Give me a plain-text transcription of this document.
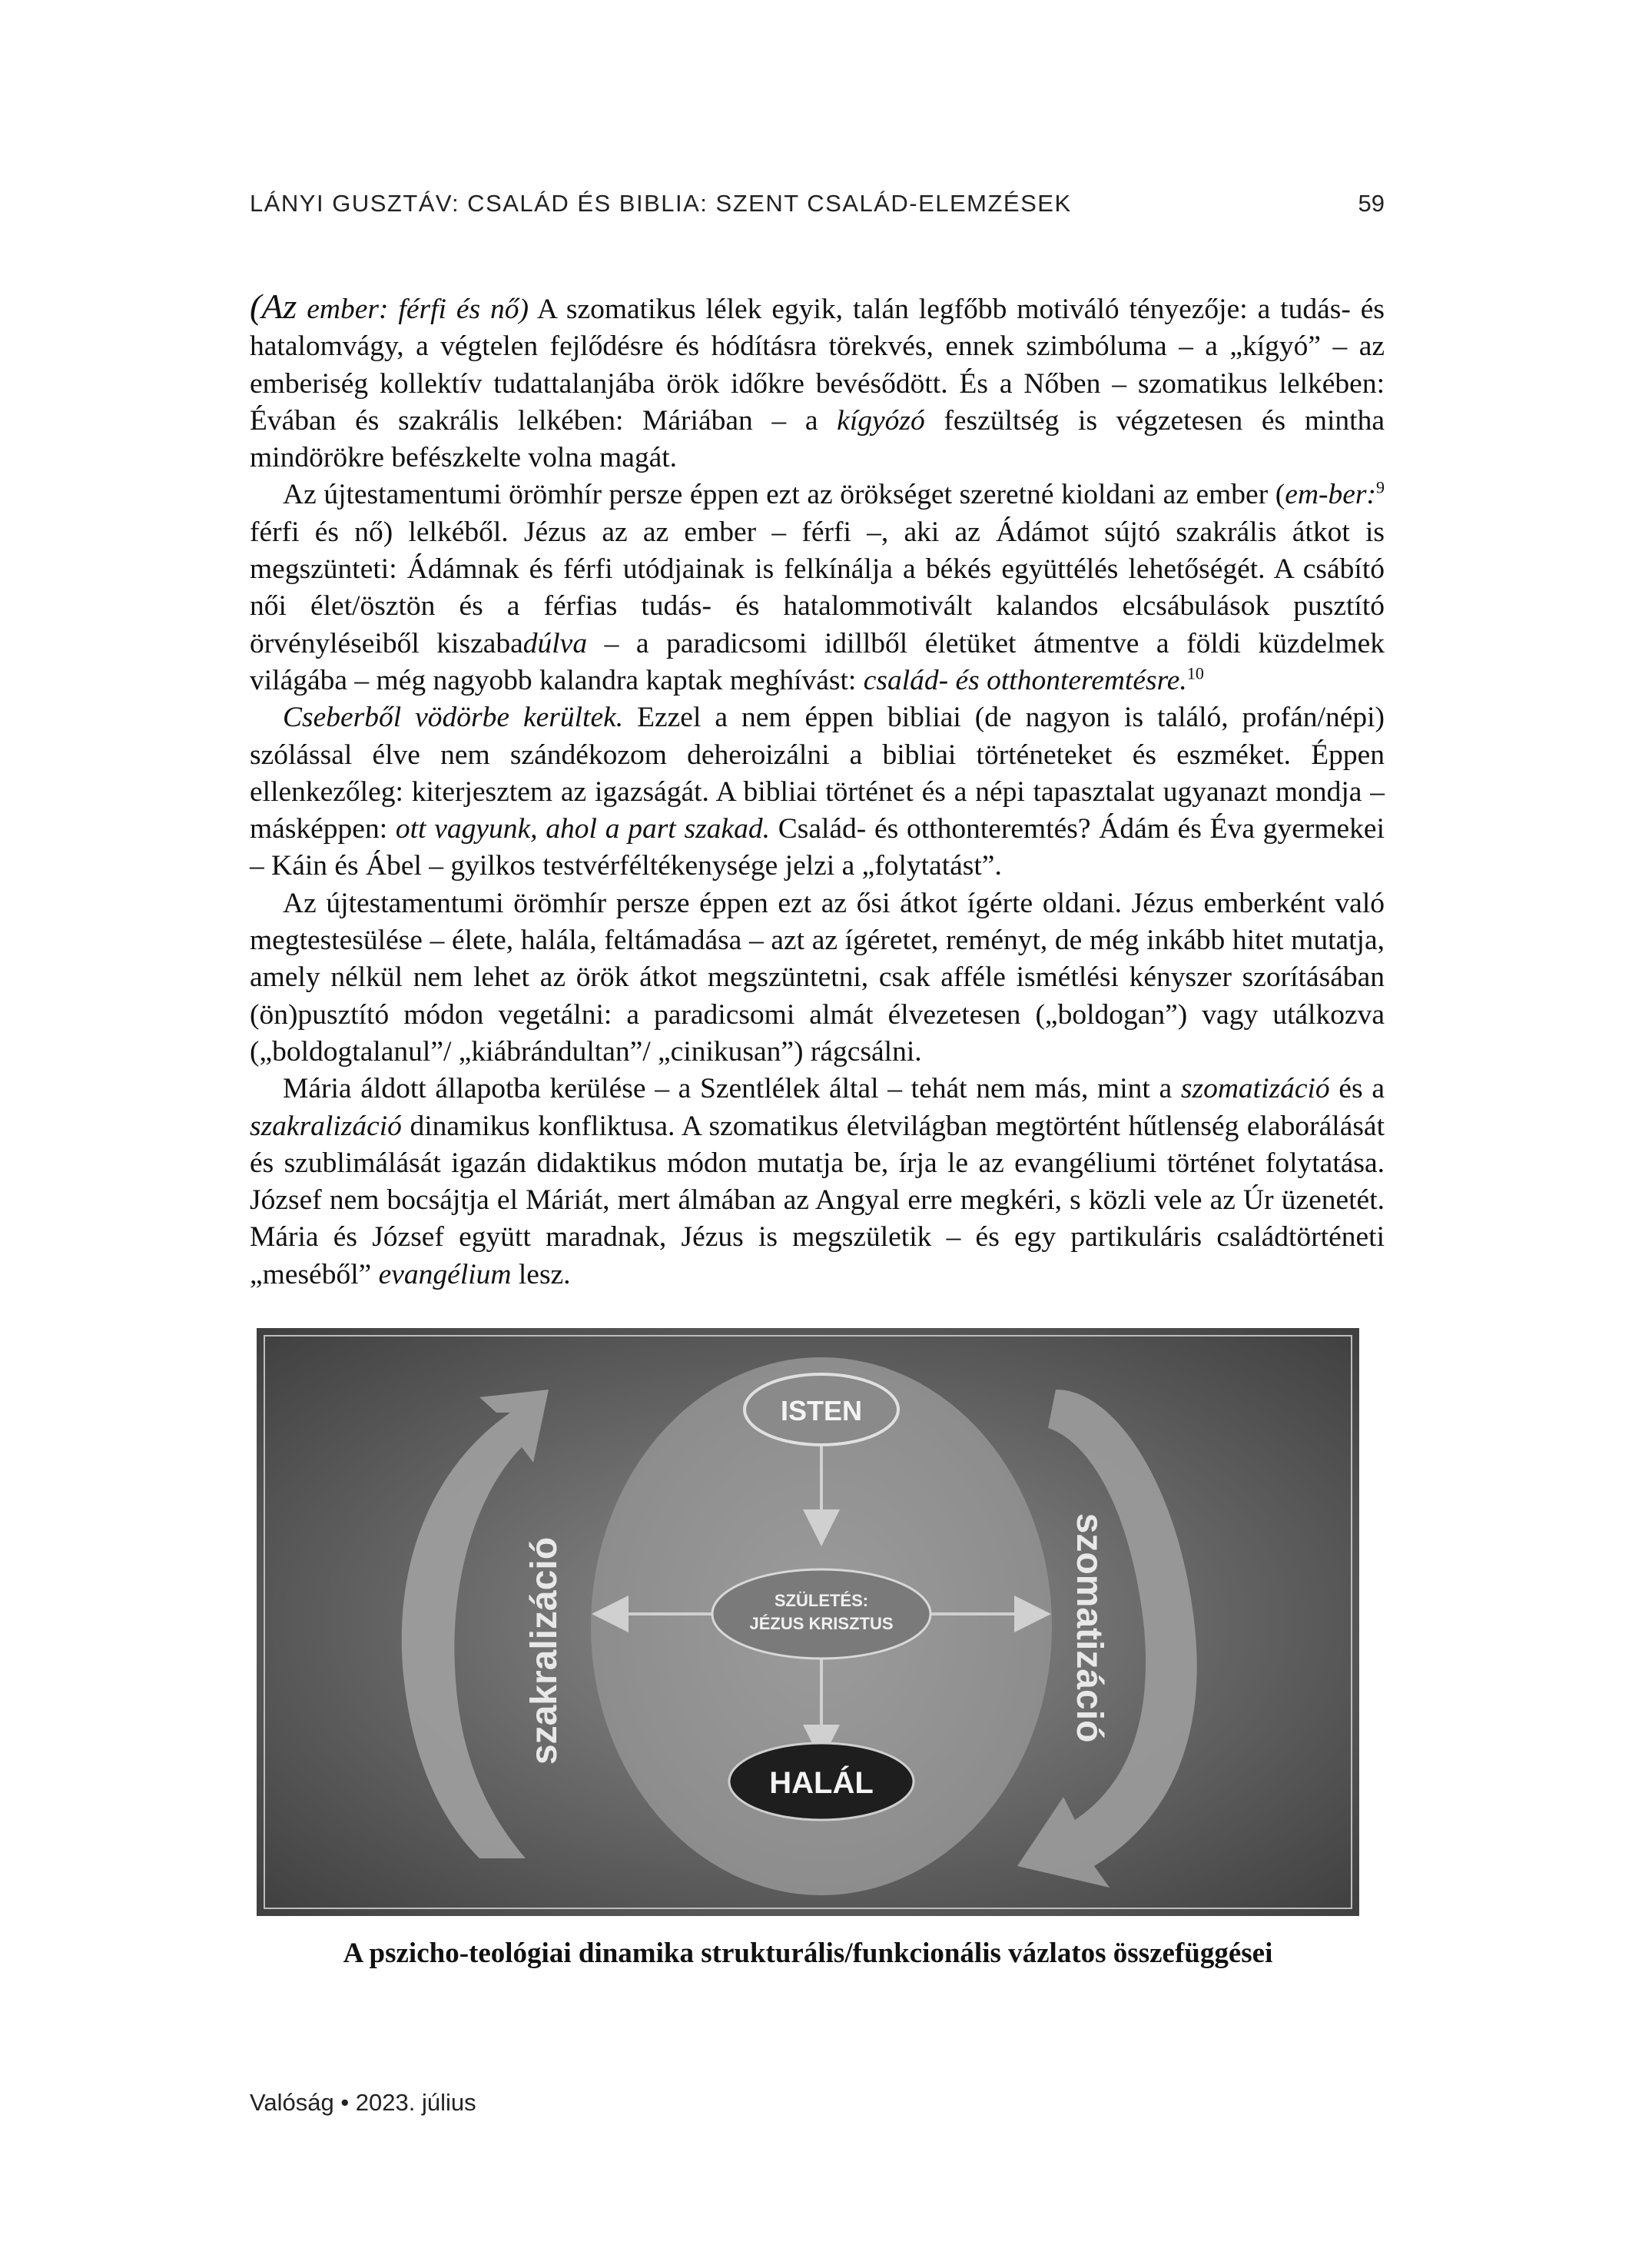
LÁNYI GUSZTÁV: CSALÁD ÉS BIBLIA: SZENT CSALÁD-ELEMZÉSEK	59

(Az ember: férfi és nő) A szomatikus lélek egyik, talán legfőbb motiváló tényezője: a tudás- és hatalomvágy, a végtelen fejlődésre és hódításra törekvés, ennek szimbóluma – a „kígyó” – az emberiség kollektív tudattalanjába örök időkre bevésődött. És a Nőben – szomatikus lelkében: Évában és szakrális lelkében: Máriában – a kígyózó feszültség is végzetesen és mintha mindörökre befészkelte volna magát.

Az újtestamentumi örömhír persze éppen ezt az örökséget szeretné kioldani az ember (em-ber:$^9$ férfi és nő) lelkéből. Jézus az az ember – férfi –, aki az Ádámot sújtó szakrális átkot is megszünteti: Ádámnak és férfi utódjainak is felkínálja a békés együttélés lehetőségét. A csábító női élet/ösztön és a férfias tudás- és hatalommotivált kalandos elcsábulások pusztító örvényléseiből kiszabadúlva – a paradicsomi idillből életüket átmentve a földi küzdelmek világába – még nagyobb kalandra kaptak meghívást: család- és otthonteremtésre.$^{10}$

Cseberből vödörbe kerültek. Ezzel a nem éppen bibliai (de nagyon is találó, profán/népi) szólással élve nem szándékozom deheroizálni a bibliai történeteket és eszméket. Éppen ellenkezőleg: kiterjesztem az igazságát. A bibliai történet és a népi tapasztalat ugyanazt mondja – másképpen: ott vagyunk, ahol a part szakad. Család- és otthonteremtés? Ádám és Éva gyermekei – Káin és Ábel – gyilkos testvérféltékenysége jelzi a „folytatást”.

Az újtestamentumi örömhír persze éppen ezt az ősi átkot ígérte oldani. Jézus emberként való megtestesülése – élete, halála, feltámadása – azt az ígéretet, reményt, de még inkább hitet mutatja, amely nélkül nem lehet az örök átkot megszüntetni, csak afféle ismétlési kényszer szorításában (ön)pusztító módon vegetálni: a paradicsomi almát élvezetesen („boldogan”) vagy utálkozva („boldogtalanul”/ „kiábrándultan”/ „cinikusan”) rágcsálni.

Mária áldott állapotba kerülése – a Szentlélek által – tehát nem más, mint a szomatizáció és a szakralizáció dinamikus konfliktusa. A szomatikus életvilágban megtörtént hűtlenség elaborálását és szublimálását igazán didaktikus módon mutatja be, írja le az evangéliumi történet folytatása. József nem bocsájtja el Máriát, mert álmában az Angyal erre megkéri, s közli vele az Úr üzenetét. Mária és József együtt maradnak, Jézus is megszületik – és egy partikuláris családtörténeti „meséből” evangélium lesz.

ISTEN
SZÜLETÉS:
JÉZUS KRISZTUS
HALÁL
szakralizáció	szomatizáció
A pszicho-teológiai dinamika strukturális/funkcionális vázlatos összefüggései
Valóság • 2023. július
